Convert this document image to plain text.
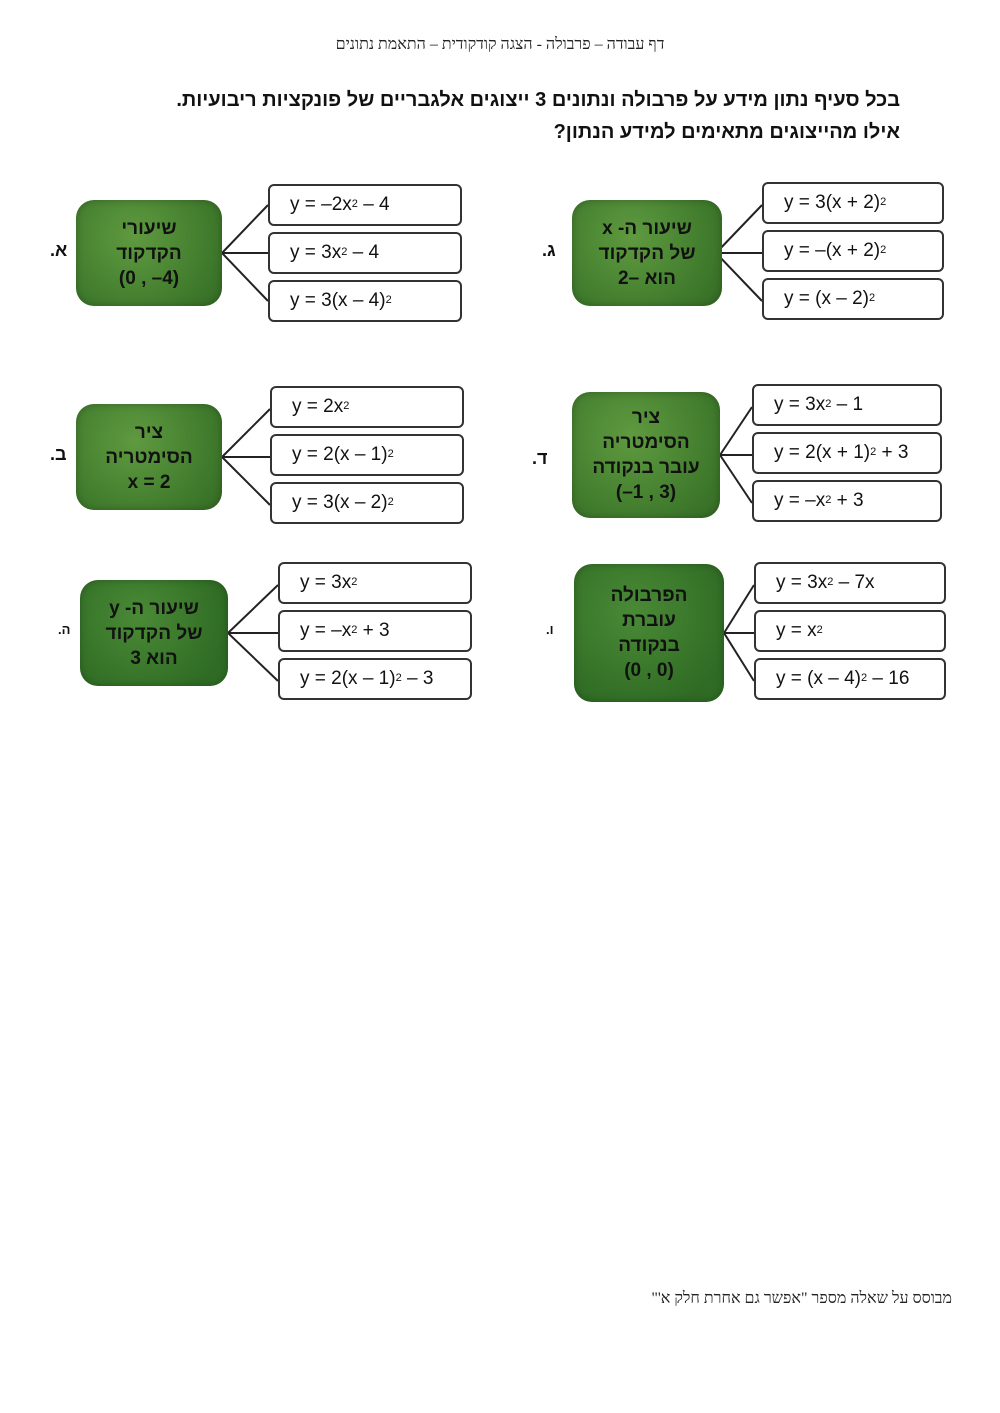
דף עבודה – פרבולה - הצגה קודקודית – התאמת נתונים
בכל סעיף נתון מידע על פרבולה ונתונים 3 ייצוגים אלגבריים של פונקציות ריבועיות.
אילו מהייצוגים מתאימים למידע הנתון?
א.
שיעורי
הקדקוד
(0 , –4)
$y = -2x^2 - 4$
$y = 3x^2 - 4$
y = 3(x – 4)$^2$
ג.
שיעור ה- x
של הקדקוד
הוא –2
$y = 3(x + 2)^2$
$y = -(x + 2)^2$
y = (x – 2)$^2$
ב.
ציר
הסימטריה
x = 2
$y = 2x^2$
y = 2(x – 1)$^2$
y = 3(x – 2)$^2$
ד.
ציר
הסימטריה
עובר בנקודה
(–1 , 3)
$y = 3x^2 - 1$
$y = 2(x + 1)^2 + 3$
$y = -x^2 + 3$
ה.
שיעור ה- y
של הקדקוד
הוא 3
$y = 3x^2$
$y = -x^2 + 3$
y = 2(x – 1)$^2$ – 3
ו.
הפרבולה
עוברת
בנקודה
(0 , 0)
$y = 3x^2 - 7x$
$y = x^2$
y = (x – 4)$^2$ – 16
מבוסס על שאלה מספר "אפשר גם אחרת חלק א'"
